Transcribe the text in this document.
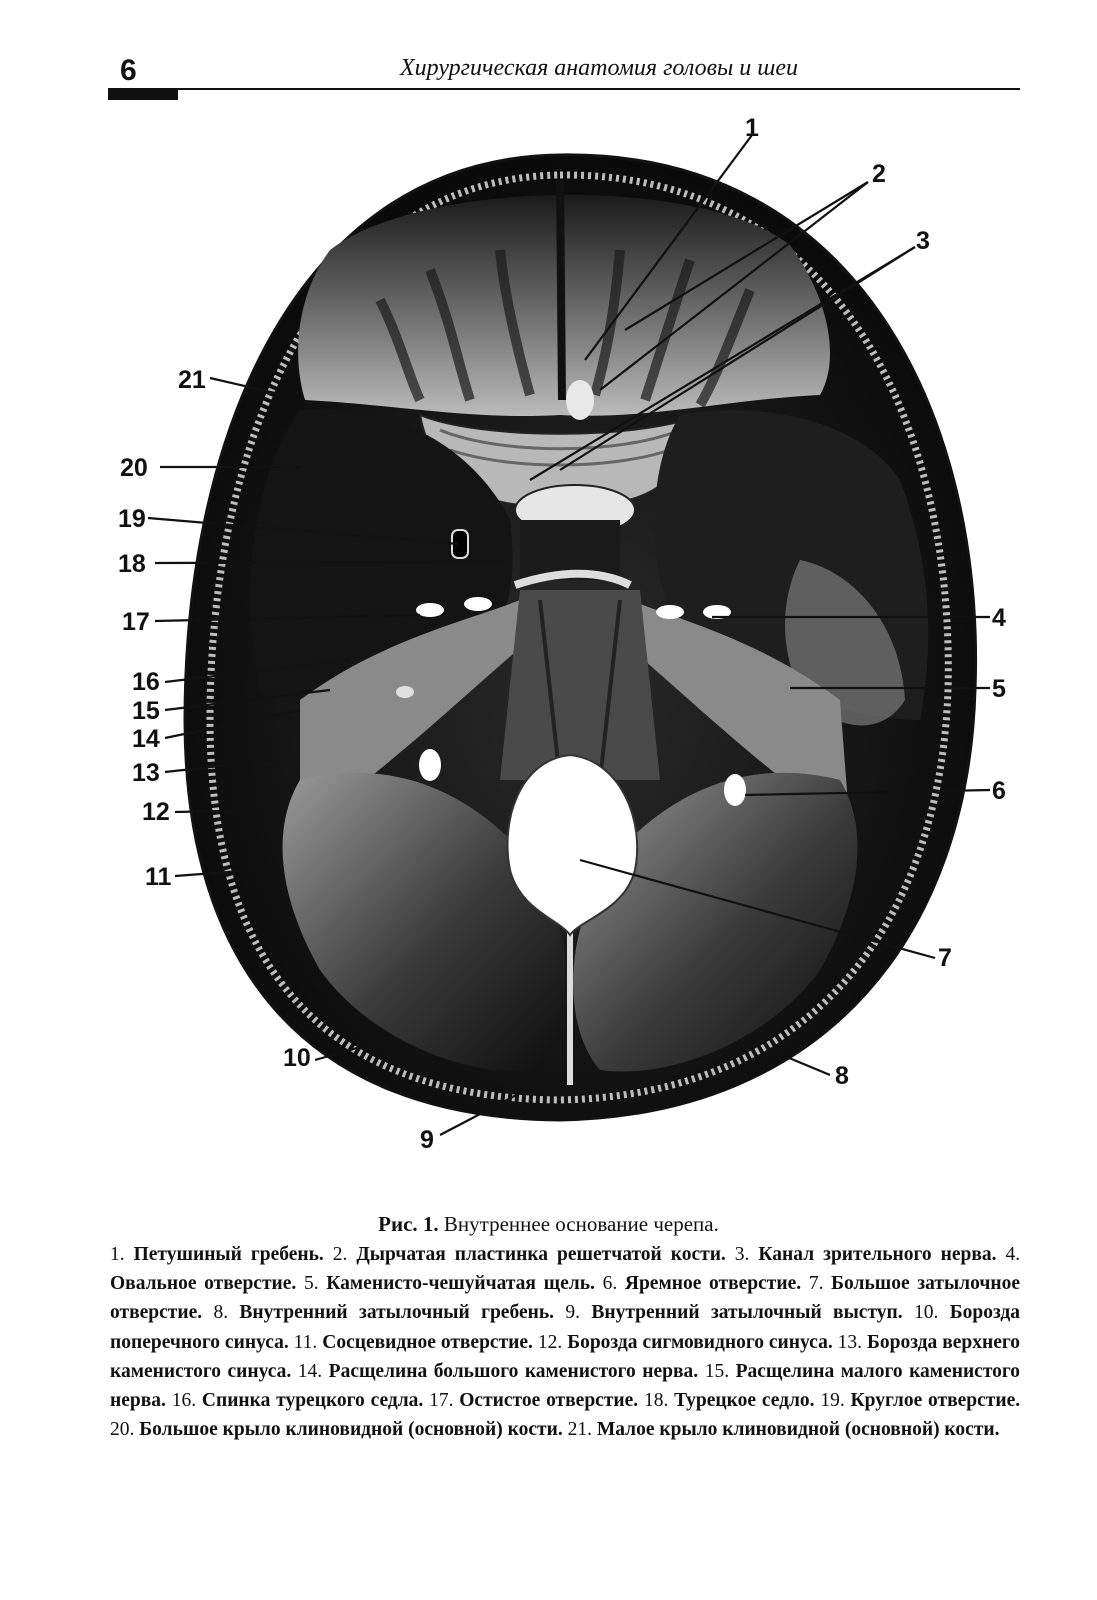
6	Хирургическая анатомия головы и шеи
1
2
3
4
5
6
7
8
9
10
11
12
13
14
15
16
17
18
19
20
21
Рис. 1. Внутреннее основание черепа.

1. Петушиный гребень. 2. Дырчатая пластинка решетчатой кости. 3. Канал зрительного нерва. 4. Овальное отверстие. 5. Каменисто-чешуйчатая щель. 6. Яремное отверстие. 7. Большое затылочное отверстие. 8. Внутренний затылочный гребень. 9. Внутренний затылочный выступ. 10. Борозда поперечного синуса. 11. Сосцевидное отверстие. 12. Борозда сигмовидного синуса. 13. Борозда верхнего каменистого синуса. 14. Расщелина большого каменистого нерва. 15. Расщелина малого каменистого нерва. 16. Спинка турецкого седла. 17. Остистое отверстие. 18. Турецкое седло. 19. Круглое отверстие. 20. Большое крыло клиновидной (основной) кости. 21. Малое крыло клиновидной (основной) кости.
